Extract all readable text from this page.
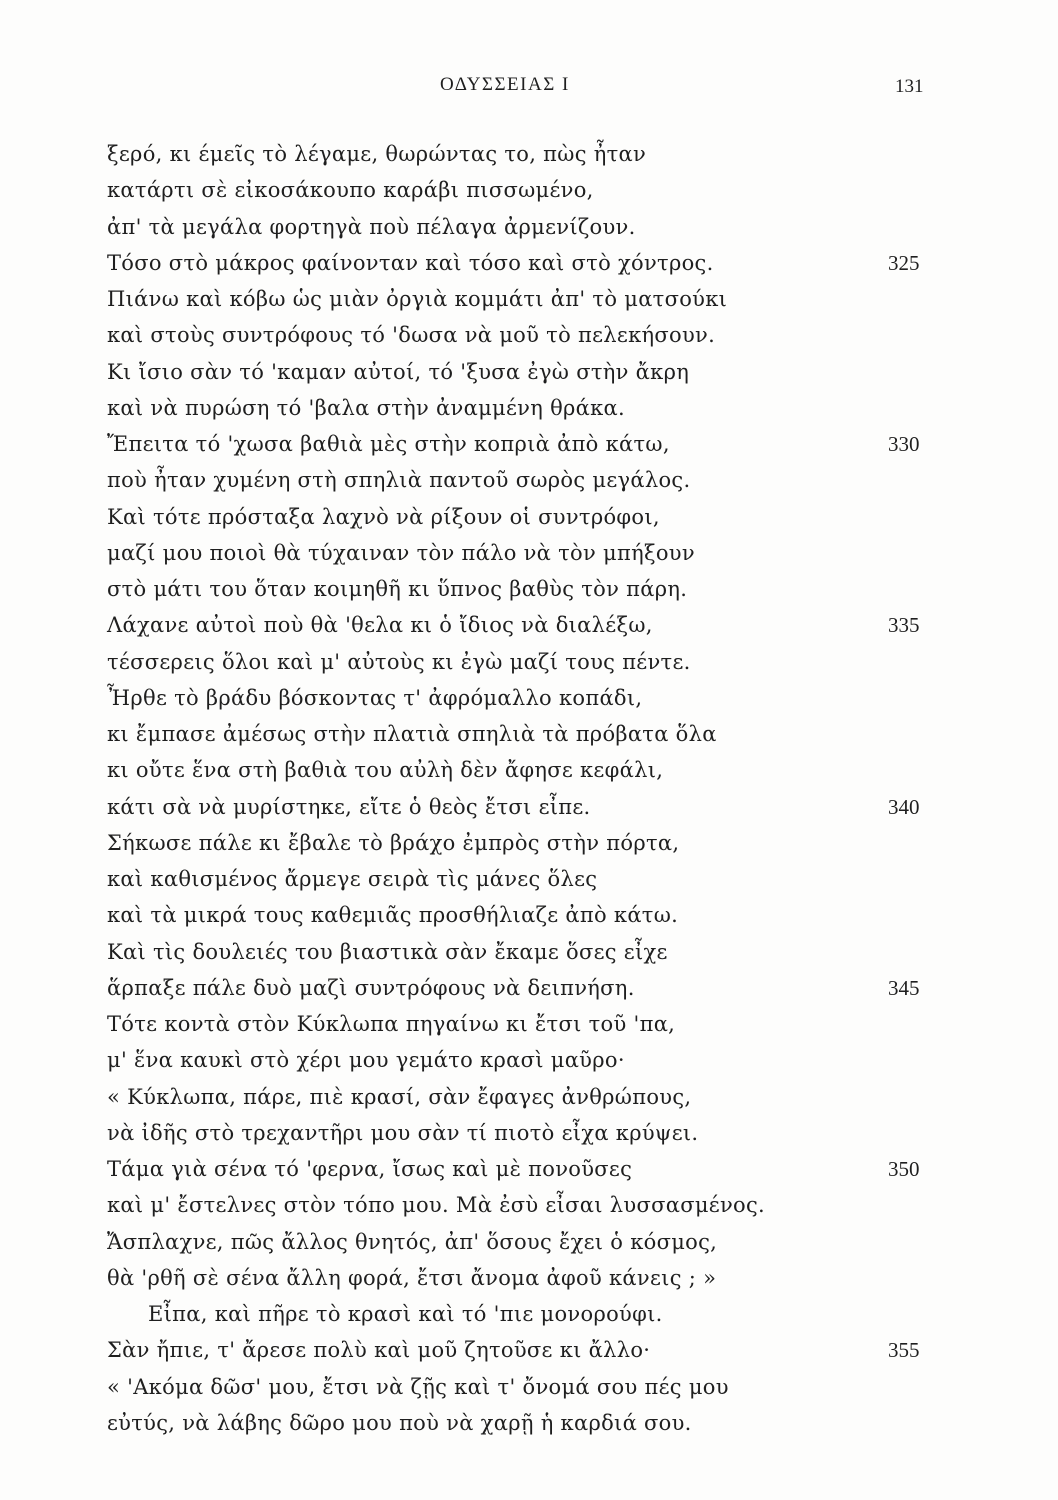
ΟΔΥΣΣΕΙΑΣ Ι	131
ξερό, κι έμεῖς τὸ λέγαμε, θωρώντας το, πὼς ἦταν
κατάρτι σὲ εἰκοσάκουπο καράβι πισσωμένο,
ἀπ' τὰ μεγάλα φορτηγὰ ποὺ πέλαγα ἀρμενίζουν.
Τόσο στὸ μάκρος φαίνονταν καὶ τόσο καὶ στὸ χόντρος.	325
Πιάνω καὶ κόβω ὡς μιὰν ὀργιὰ κομμάτι ἀπ' τὸ ματσούκι
καὶ στοὺς συντρόφους τό 'δωσα νὰ μοῦ τὸ πελεκήσουν.
Κι ἴσιο σὰν τό 'καμαν αὐτοί, τό 'ξυσα ἐγὼ στὴν ἄκρη
καὶ νὰ πυρώση τό 'βαλα στὴν ἀναμμένη θράκα.
Ἔπειτα τό 'χωσα βαθιὰ μὲς στὴν κοπριὰ ἀπὸ κάτω,	330
ποὺ ἦταν χυμένη στὴ σπηλιὰ παντοῦ σωρὸς μεγάλος.
Καὶ τότε πρόσταξα λαχνὸ νὰ ρίξουν οἱ συντρόφοι,
μαζί μου ποιοὶ θὰ τύχαιναν τὸν πάλο νὰ τὸν μπήξουν
στὸ μάτι του ὅταν κοιμηθῆ κι ὕπνος βαθὺς τὸν πάρη.
Λάχανε αὐτοὶ ποὺ θὰ 'θελα κι ὁ ἴδιος νὰ διαλέξω,	335
τέσσερεις ὅλοι καὶ μ' αὐτοὺς κι ἐγὼ μαζί τους πέντε.
Ἦρθε τὸ βράδυ βόσκοντας τ' ἀφρόμαλλο κοπάδι,
κι ἔμπασε ἀμέσως στὴν πλατιὰ σπηλιὰ τὰ πρόβατα ὅλα
κι οὔτε ἕνα στὴ βαθιὰ του αὐλὴ δὲν ἄφησε κεφάλι,
κάτι σὰ νὰ μυρίστηκε, εἴτε ὁ θεὸς ἔτσι εἶπε.	340
Σήκωσε πάλε κι ἔβαλε τὸ βράχο ἐμπρὸς στὴν πόρτα,
καὶ καθισμένος ἄρμεγε σειρὰ τὶς μάνες ὅλες
καὶ τὰ μικρά τους καθεμιᾶς προσθήλιαζε ἀπὸ κάτω.
Καὶ τὶς δουλειές του βιαστικὰ σὰν ἔκαμε ὅσες εἶχε
ἅρπαξε πάλε δυὸ μαζὶ συντρόφους νὰ δειπνήση.	345
Τότε κοντὰ στὸν Κύκλωπα πηγαίνω κι ἔτσι τοῦ 'πα,
μ' ἕνα καυκὶ στὸ χέρι μου γεμάτο κρασὶ μαῦρο·
« Κύκλωπα, πάρε, πιὲ κρασί, σὰν ἔφαγες ἀνθρώπους,
νὰ ἰδῆς στὸ τρεχαντῆρι μου σὰν τί πιοτὸ εἶχα κρύψει.
Τάμα γιὰ σένα τό 'φερνα, ἴσως καὶ μὲ πονοῦσες	350
καὶ μ' ἔστελνες στὸν τόπο μου. Μὰ ἐσὺ εἶσαι λυσσασμένος.
Ἄσπλαχνε, πῶς ἄλλος θνητός, ἀπ' ὅσους ἔχει ὁ κόσμος,
θὰ 'ρθῆ σὲ σένα ἄλλη φορά, ἔτσι ἄνομα ἀφοῦ κάνεις ; »
Εἶπα, καὶ πῆρε τὸ κρασὶ καὶ τό 'πιε μονορούφι.
Σὰν ἤπιε, τ' ἄρεσε πολὺ καὶ μοῦ ζητοῦσε κι ἄλλο·	355
« 'Ακόμα δῶσ' μου, ἔτσι νὰ ζῇς καὶ τ' ὄνομά σου πές μου
εὐτύς, νὰ λάβης δῶρο μου ποὺ νὰ χαρῇ ἡ καρδιά σου.
